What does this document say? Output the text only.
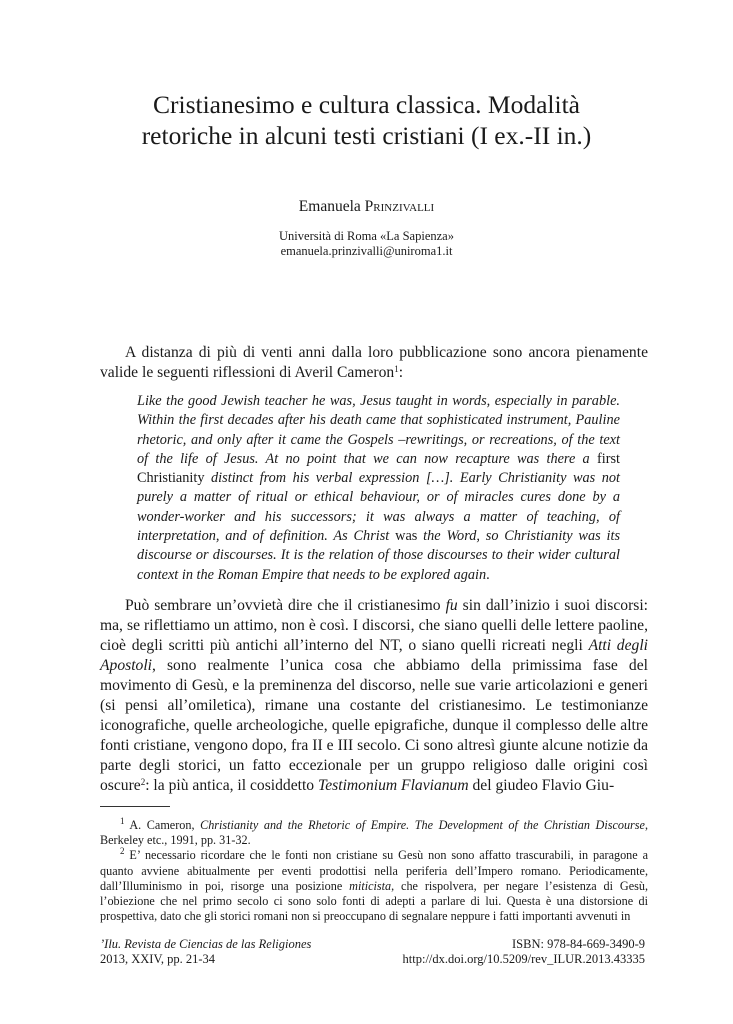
Cristianesimo e cultura classica. Modalità
retoriche in alcuni testi cristiani (I ex.-II in.)
Emanuela Prinzivalli
Università di Roma «La Sapienza»
emanuela.prinzivalli@uniroma1.it

A distanza di più di venti anni dalla loro pubblicazione sono ancora pienamente valide le seguenti riflessioni di Averil Cameron$^1$:

Like the good Jewish teacher he was, Jesus taught in words, especially in parable. Within the first decades after his death came that sophisticated instrument, Pauline rhetoric, and only after it came the Gospels –rewritings, or recreations, of the text of the life of Jesus. At no point that we can now recapture was there a first Christianity distinct from his verbal expression […]. Early Christianity was not purely a matter of ritual or ethical behaviour, or of miracles cures done by a wonder-worker and his successors; it was always a matter of teaching, of interpretation, and of definition. As Christ was the Word, so Christianity was its discourse or discourses. It is the relation of those discourses to their wider cultural context in the Roman Empire that needs to be explored again.

Può sembrare un’ovvietà dire che il cristianesimo fu sin dall’inizio i suoi discorsi: ma, se riflettiamo un attimo, non è così. I discorsi, che siano quelli delle lettere paoline, cioè degli scritti più antichi all’interno del NT, o siano quelli ricreati negli Atti degli Apostoli, sono realmente l’unica cosa che abbiamo della primissima fase del movimento di Gesù, e la preminenza del discorso, nelle sue varie articolazioni e generi (si pensi all’omiletica), rimane una costante del cristianesimo. Le testimonianze iconografiche, quelle archeologiche, quelle epigrafiche, dunque il complesso delle altre fonti cristiane, vengono dopo, fra II e III secolo. Ci sono altresì giunte alcune notizie da parte degli storici, un fatto eccezionale per un gruppo religioso dalle origini così oscure$^2$: la più antica, il cosiddetto Testimonium Flavianum del giudeo Flavio Giu-

$^1$ A. Cameron, Christianity and the Rhetoric of Empire. The Development of the Christian Discourse, Berkeley etc., 1991, pp. 31-32.

$^2$ E’ necessario ricordare che le fonti non cristiane su Gesù non sono affatto trascurabili, in paragone a quanto avviene abitualmente per eventi prodottisi nella periferia dell’Impero romano. Periodicamente, dall’Illuminismo in poi, risorge una posizione miticista, che rispolvera, per negare l’esistenza di Gesù, l’obiezione che nel primo secolo ci sono solo fonti di adepti a parlare di lui. Questa è una distorsione di prospettiva, dato che gli storici romani non si preoccupano di segnalare neppure i fatti importanti avvenuti in

’Ilu. Revista de Ciencias de las Religiones
2013, XXIV, pp. 21-34
ISBN: 978-84-669-3490-9
http://dx.doi.org/10.5209/rev_ILUR.2013.43335
